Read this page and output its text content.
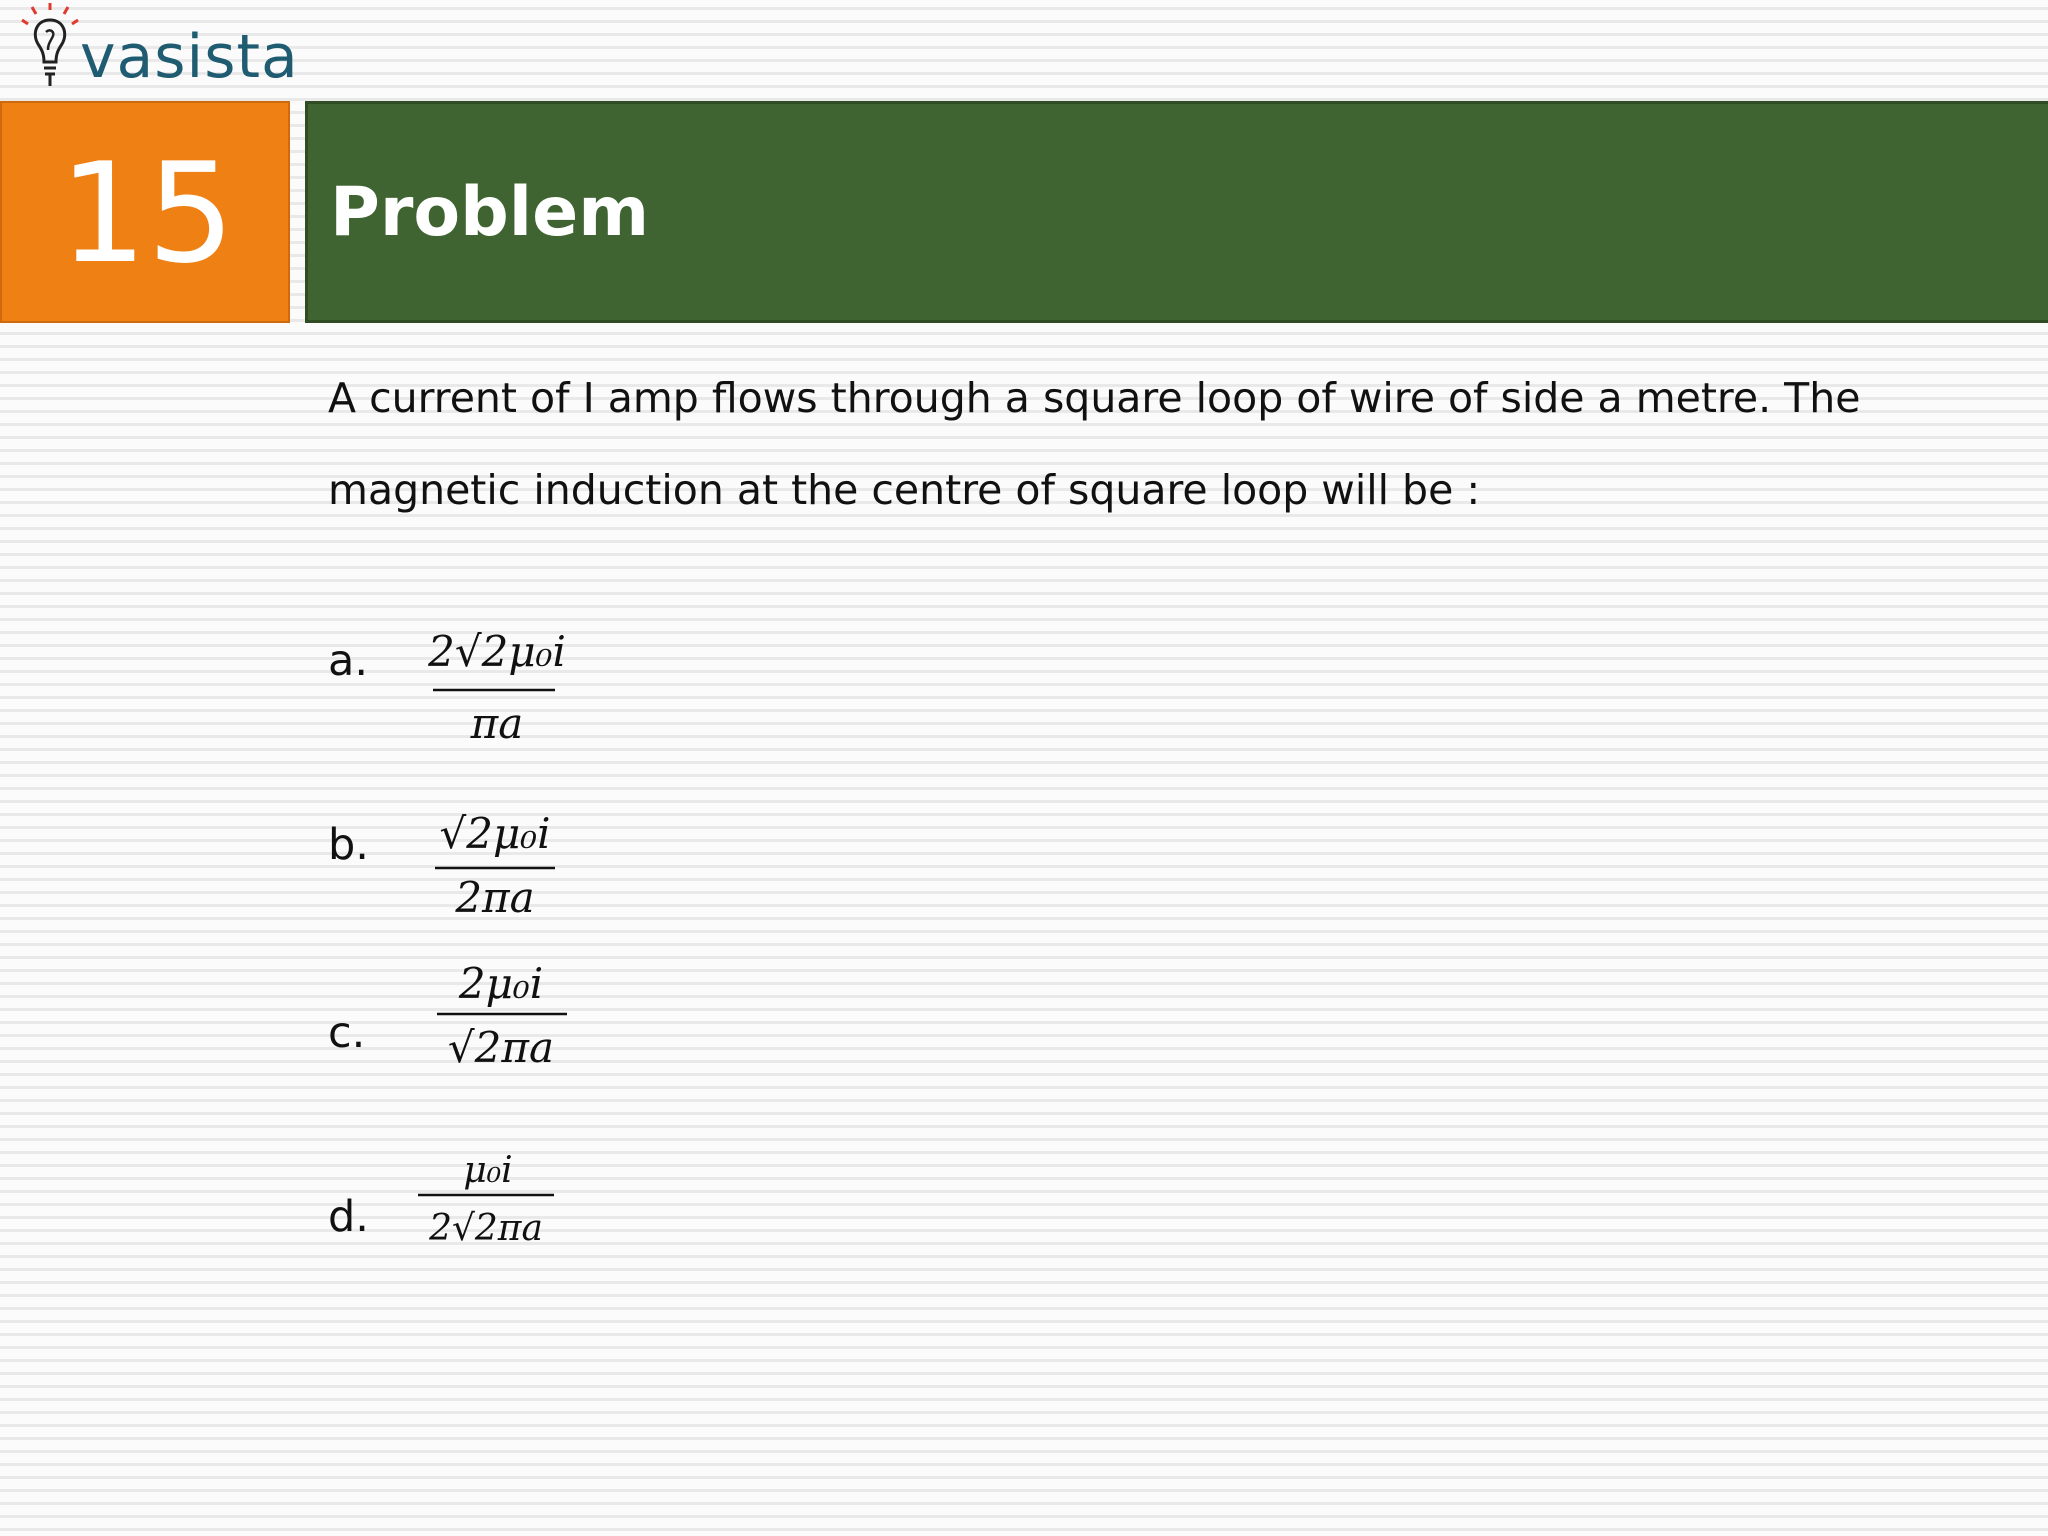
vasista
15	Problem
A current of I amp flows through a square loop of wire of side a metre. The magnetic induction at the centre of square loop will be :
a. 2√2μ₀i
πa
b. √2μ₀i
2πa
c.
2μ₀i
√2πa
d.
μ₀i
2√2πa
